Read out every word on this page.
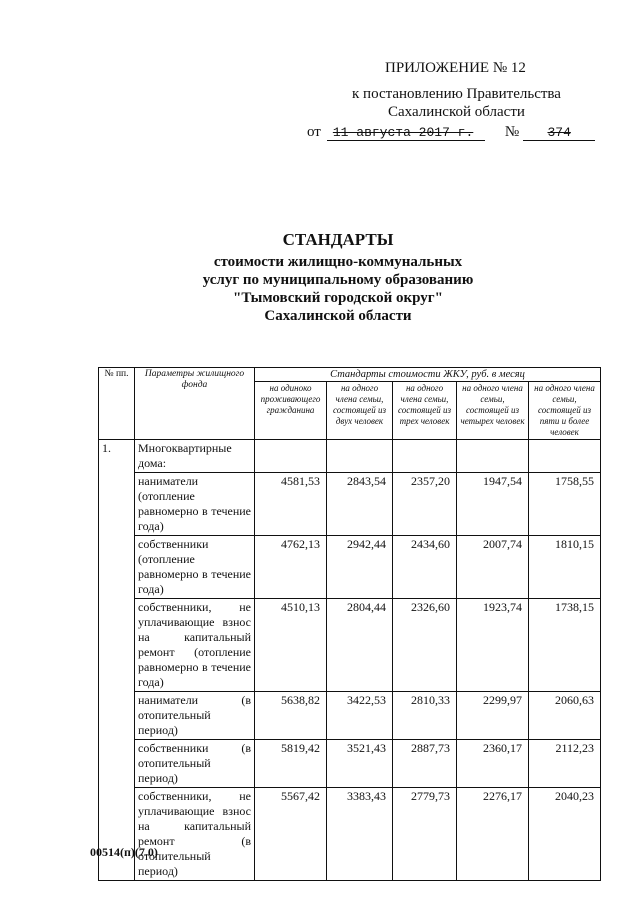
ПРИЛОЖЕНИЕ № 12
к постановлению Правительства
Сахалинской области
от 11 августа 2017 г.	№	374
СТАНДАРТЫ
стоимости жилищно-коммунальных
услуг по муниципальному образованию
"Тымовский городской округ"
Сахалинской области
№ пп.	Параметры жилищного фонда	Стандарты стоимости ЖКУ, руб. в месяц				
		на одиноко проживающего гражданина	на одного члена семьи, состоящей из двух человек	на одного члена семьи, состоящей из трех человек	на одного члена семьи, состоящей из четырех человек	на одного члена семьи, состоящей из пяти и более человек
1.	Многоквартирные дома:					
	наниматели (отопление равномерно в течение года)	4581,53	2843,54	2357,20	1947,54	1758,55
	собственники (отопление равномерно в течение года)	4762,13	2942,44	2434,60	2007,74	1810,15
	собственники, не уплачивающие взнос на капитальный ремонт (отопление равномерно в течение года)	4510,13	2804,44	2326,60	1923,74	1738,15
	наниматели (в отопительный период)	5638,82	3422,53	2810,33	2299,97	2060,63
	собственники (в отопительный период)	5819,42	3521,43	2887,73	2360,17	2112,23
	собственники, не уплачивающие взнос на капитальный ремонт (в отопительный период)	5567,42	3383,43	2779,73	2276,17	2040,23
00514(п)(7.0)
